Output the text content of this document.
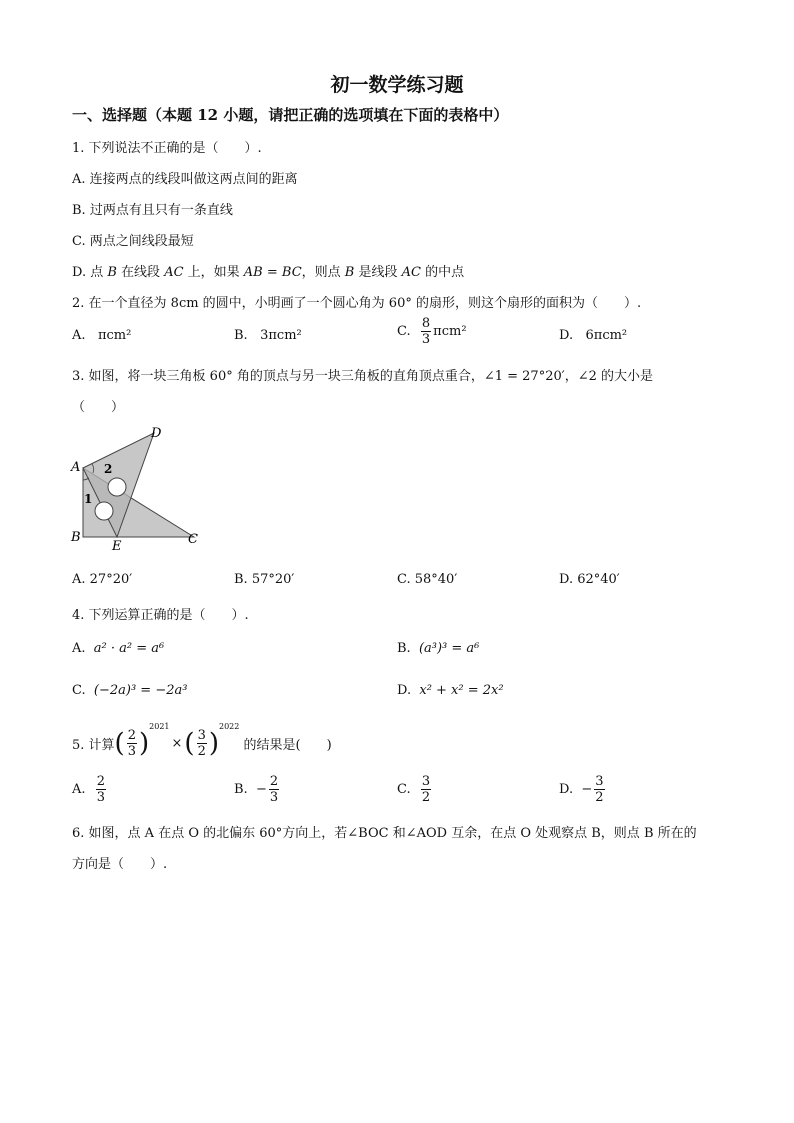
初一数学练习题
一、选择题（本题 12 小题，请把正确的选项填在下面的表格中）
1. 下列说法不正确的是（　　）.
A. 连接两点的线段叫做这两点间的距离
B. 过两点有且只有一条直线
C. 两点之间线段最短
D. 点 B 在线段 AC 上，如果 AB = BC，则点 B 是线段 AC 的中点
2. 在一个直径为 8cm 的圆中，小明画了一个圆心角为 60° 的扇形，则这个扇形的面积为（　　）.
A. πcm²	B. 3πcm²	C. $\frac{8}{3} \pi cm^2$	D. 6πcm²
3. 如图，将一块三角板 60° 角的顶点与另一块三角板的直角顶点重合，∠1 = 27°20′，∠2 的大小是
（　　）
A
B	C
D
E
1
2
A. 27°20′	B. 57°20′	C. 58°40′	D. 62°40′
4. 下列运算正确的是（　　）.
A. a² · a² = a⁶	B. (a³)³ = a⁶
C. (−2a)³ = −2a³	D. x² + x² = 2x²
5. 计算( $\frac{2}{3} )^{2021}\times( \frac{3}{2} )^{2022}$ 的结果是(　　)
A. $\frac{2}{3}$	B. − $\frac{2}{3}$	C. $\frac{3}{2}$	D. − $\frac{3}{2}$
6. 如图，点 A 在点 O 的北偏东 60°方向上，若∠BOC 和∠AOD 互余，在点 O 处观察点 B，则点 B 所在的
方向是（　　）.
